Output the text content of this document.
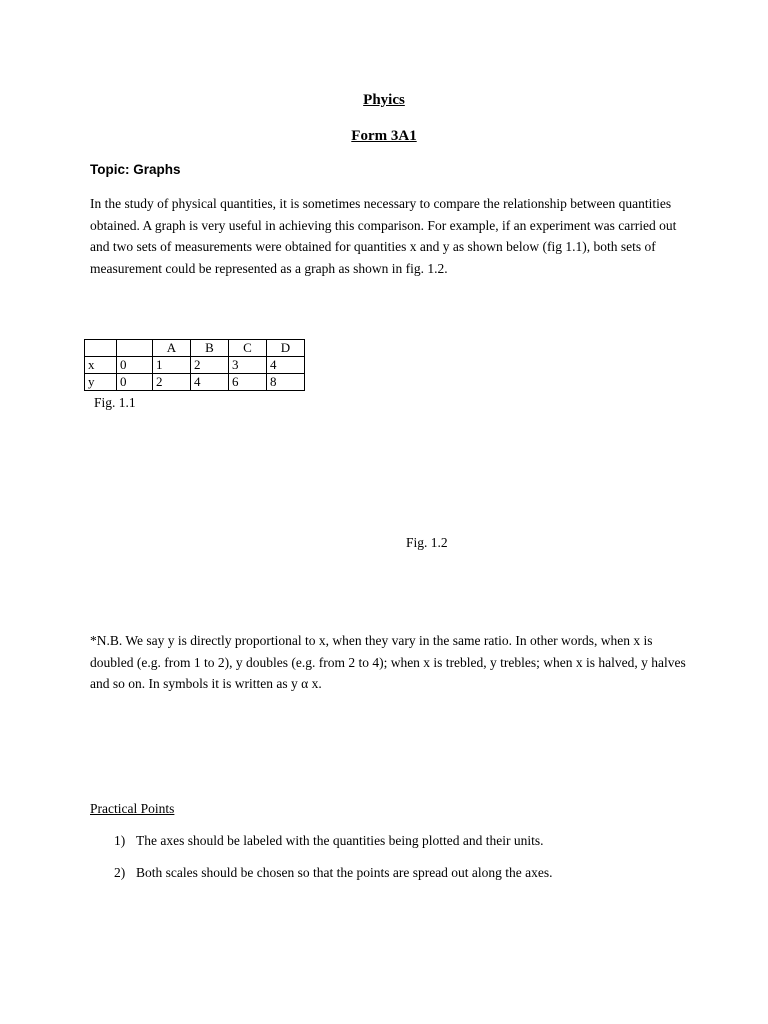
Phyics
Form 3A1
Topic: Graphs
In the study of physical quantities, it is sometimes necessary to compare the relationship between quantities obtained. A graph is very useful in achieving this comparison. For example, if an experiment was carried out and two sets of measurements were obtained for quantities x and y as shown below (fig 1.1), both sets of measurement could be represented as a graph as shown in fig. 1.2.
		A	B	C	D
x	0	1	2	3	4
y	0	2	4	6	8
Fig. 1.1
Fig. 1.2
*N.B. We say y is directly proportional to x, when they vary in the same ratio. In other words, when x is doubled (e.g. from 1 to 2), y doubles (e.g. from 2 to 4); when x is trebled, y trebles; when x is halved, y halves and so on. In symbols it is written as y α x.
Practical Points
1) The axes should be labeled with the quantities being plotted and their units.
2) Both scales should be chosen so that the points are spread out along the axes.
